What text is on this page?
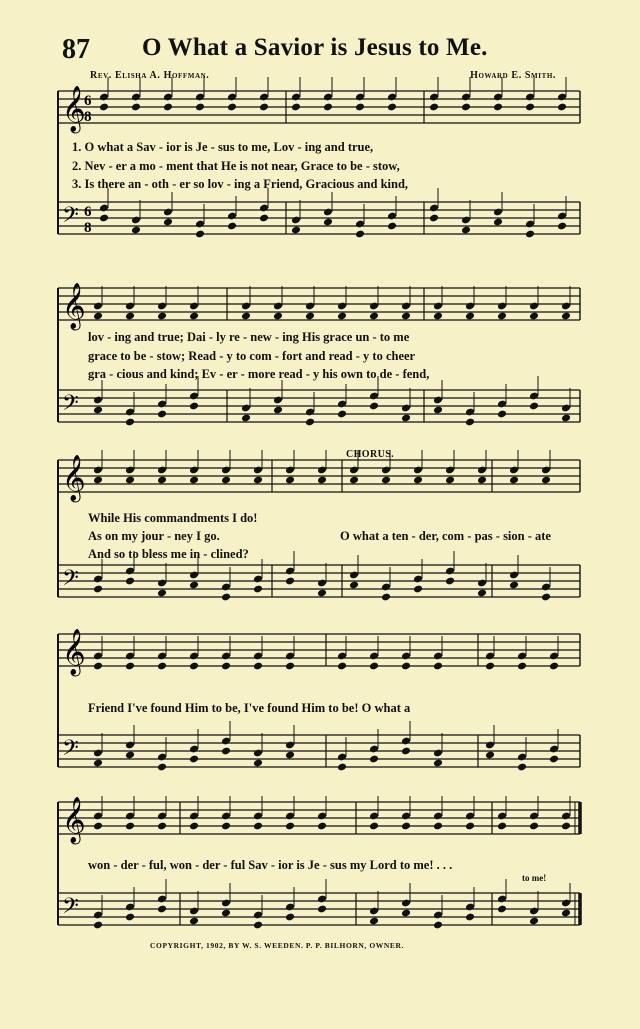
𝄞
𝄢
6
8
6
8
𝄞
𝄢
𝄞
𝄢
𝄞
𝄢
𝄞
𝄢
87 O What a Savior is Jesus to Me.
Rev. Elisha A. Hoffman.	Howard E. Smith.
1. O what a Sav - ior is Je - sus to me, Lov - ing and true,
2. Nev - er a mo - ment that He is not near, Grace to be - stow,
3. Is there an - oth - er so lov - ing a Friend, Gracious and kind,
lov - ing and true; Dai - ly re - new - ing His grace un - to me
grace to be - stow; Read - y to com - fort and read - y to cheer
gra - cious and kind; Ev - er - more read - y his own to de - fend,
CHORUS.
While His commandments I do!
As on my jour - ney I go.
And so to bless me in - clined?
O what a ten - der, com - pas - sion - ate
Friend I've found Him to be, I've found Him to be! O what a
won - der - ful, won - der - ful Sav - ior is Je - sus my Lord to me! . . .
to me!
COPYRIGHT, 1902, BY W. S. WEEDEN. P. P. BILHORN, OWNER.
